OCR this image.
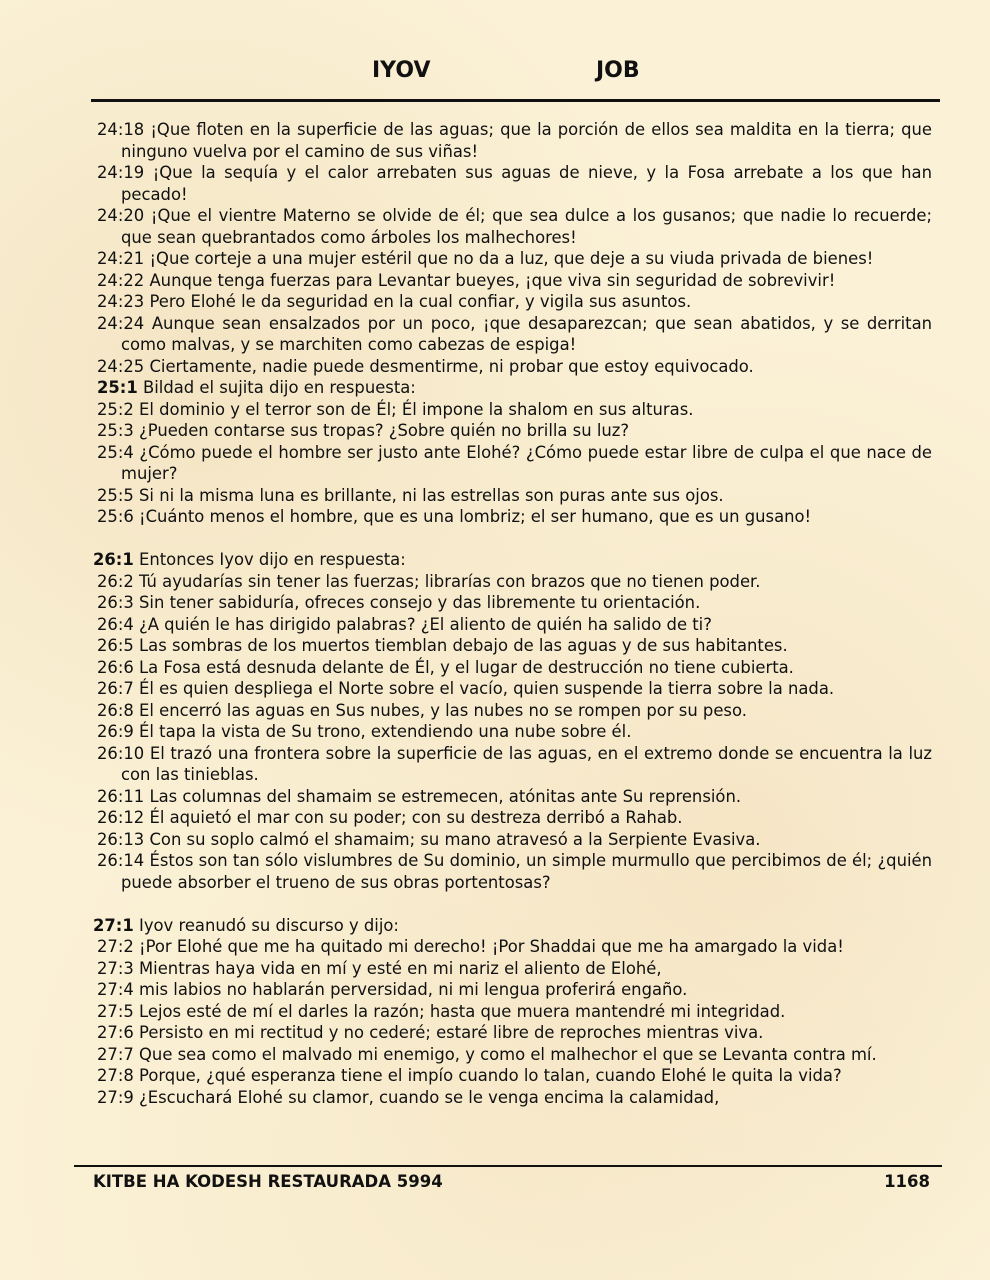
IYOV	JOB
24:18 ¡Que floten en la superficie de las aguas; que la porción de ellos sea maldita en la tierra; que ninguno vuelva por el camino de sus viñas!
24:19 ¡Que la sequía y el calor arrebaten sus aguas de nieve, y la Fosa arrebate a los que han pecado!
24:20 ¡Que el vientre Materno se olvide de él; que sea dulce a los gusanos; que nadie lo recuerde; que sean quebrantados como árboles los malhechores!
24:21 ¡Que corteje a una mujer estéril que no da a luz, que deje a su viuda privada de bienes!
24:22 Aunque tenga fuerzas para Levantar bueyes, ¡que viva sin seguridad de sobrevivir!
24:23 Pero Elohé le da seguridad en la cual confiar, y vigila sus asuntos.
24:24 Aunque sean ensalzados por un poco, ¡que desaparezcan; que sean abatidos, y se derritan como malvas, y se marchiten como cabezas de espiga!
24:25 Ciertamente, nadie puede desmentirme, ni probar que estoy equivocado.
25:1 Bildad el sujita dijo en respuesta:
25:2 El dominio y el terror son de Él; Él impone la shalom en sus alturas.
25:3 ¿Pueden contarse sus tropas? ¿Sobre quién no brilla su luz?
25:4 ¿Cómo puede el hombre ser justo ante Elohé? ¿Cómo puede estar libre de culpa el que nace de mujer?
25:5 Si ni la misma luna es brillante, ni las estrellas son puras ante sus ojos.
25:6 ¡Cuánto menos el hombre, que es una lombriz; el ser humano, que es un gusano!
26:1 Entonces Iyov dijo en respuesta:
26:2 Tú ayudarías sin tener las fuerzas; librarías con brazos que no tienen poder.
26:3 Sin tener sabiduría, ofreces consejo y das libremente tu orientación.
26:4 ¿A quién le has dirigido palabras? ¿El aliento de quién ha salido de ti?
26:5 Las sombras de los muertos tiemblan debajo de las aguas y de sus habitantes.
26:6 La Fosa está desnuda delante de Él, y el lugar de destrucción no tiene cubierta.
26:7 Él es quien despliega el Norte sobre el vacío, quien suspende la tierra sobre la nada.
26:8 El encerró las aguas en Sus nubes, y las nubes no se rompen por su peso.
26:9 Él tapa la vista de Su trono, extendiendo una nube sobre él.
26:10 El trazó una frontera sobre la superficie de las aguas, en el extremo donde se encuentra la luz con las tinieblas.
26:11 Las columnas del shamaim se estremecen, atónitas ante Su reprensión.
26:12 Él aquietó el mar con su poder; con su destreza derribó a Rahab.
26:13 Con su soplo calmó el shamaim; su mano atravesó a la Serpiente Evasiva.
26:14 Éstos son tan sólo vislumbres de Su dominio, un simple murmullo que percibimos de él; ¿quién puede absorber el trueno de sus obras portentosas?
27:1 Iyov reanudó su discurso y dijo:
27:2 ¡Por Elohé que me ha quitado mi derecho! ¡Por Shaddai que me ha amargado la vida!
27:3 Mientras haya vida en mí y esté en mi nariz el aliento de Elohé,
27:4 mis labios no hablarán perversidad, ni mi lengua proferirá engaño.
27:5 Lejos esté de mí el darles la razón; hasta que muera mantendré mi integridad.
27:6 Persisto en mi rectitud y no cederé; estaré libre de reproches mientras viva.
27:7 Que sea como el malvado mi enemigo, y como el malhechor el que se Levanta contra mí.
27:8 Porque, ¿qué esperanza tiene el impío cuando lo talan, cuando Elohé le quita la vida?
27:9 ¿Escuchará Elohé su clamor, cuando se le venga encima la calamidad,
KITBE HA KODESH RESTAURADA 5994	1168
